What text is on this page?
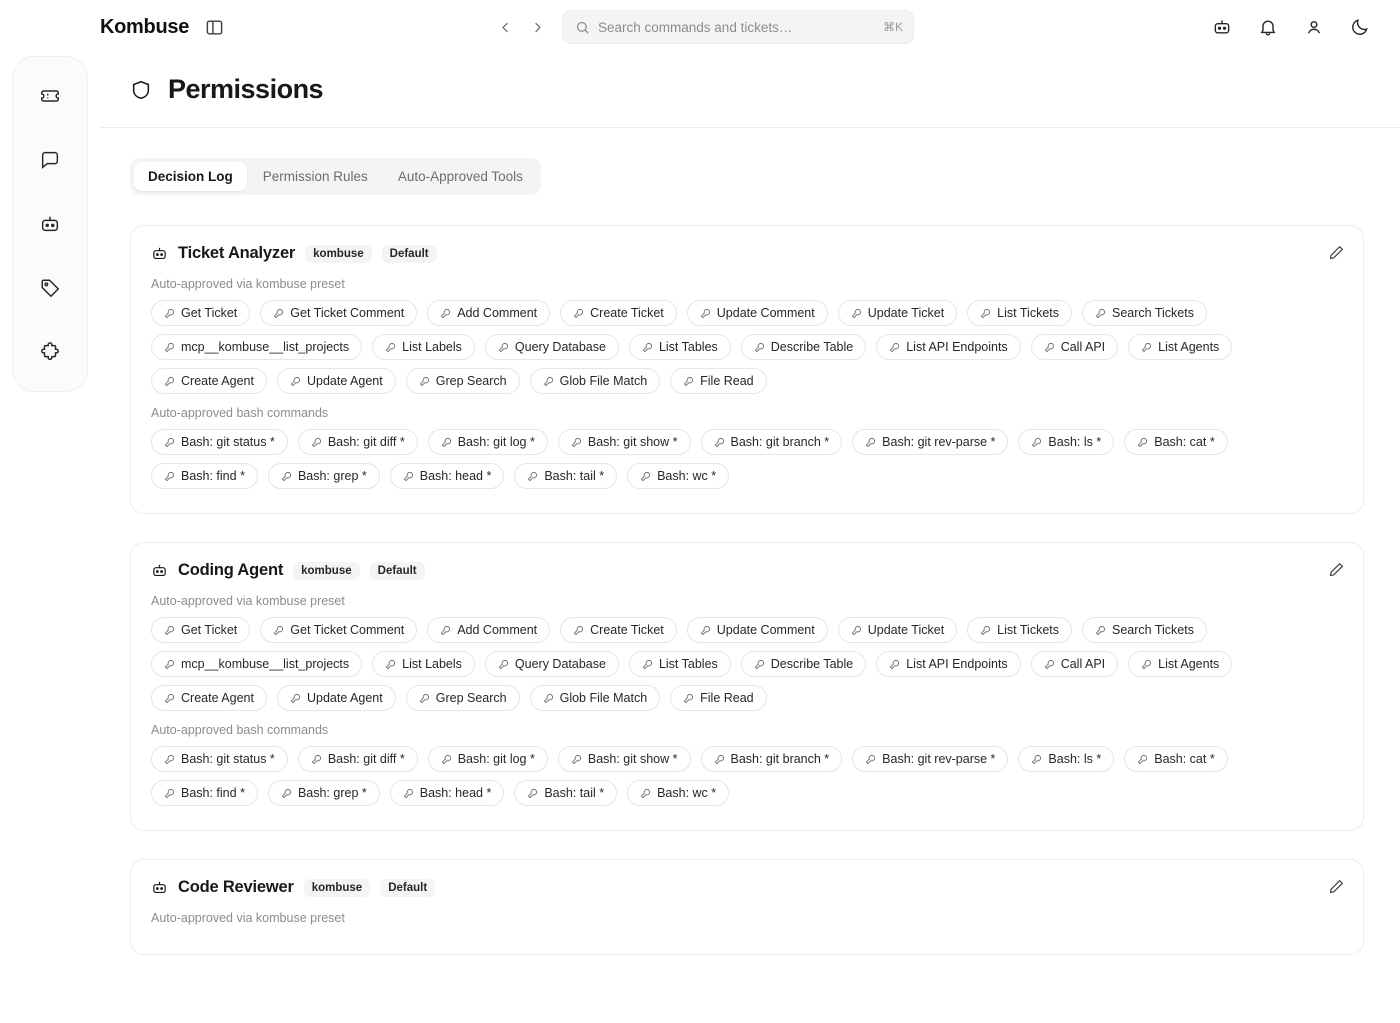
Kombuse	Search commands and tickets…	⌘K
Permissions
Decision Log	Permission Rules	Auto-Approved Tools
Ticket Analyzer	kombuse	Default
Auto-approved via kombuse preset
Get Ticket	Get Ticket Comment	Add Comment	Create Ticket	Update Comment	Update Ticket	List Tickets	Search Tickets
mcp__kombuse__list_projects	List Labels	Query Database	List Tables	Describe Table	List API Endpoints	Call API	List Agents
Create Agent	Update Agent	Grep Search	Glob File Match	File Read
Auto-approved bash commands
Bash: git status *	Bash: git diff *	Bash: git log *	Bash: git show *	Bash: git branch *	Bash: git rev-parse *	Bash: ls *	Bash: cat *
Bash: find *	Bash: grep *	Bash: head *	Bash: tail *	Bash: wc *
Coding Agent	kombuse	Default
Auto-approved via kombuse preset
Get Ticket	Get Ticket Comment	Add Comment	Create Ticket	Update Comment	Update Ticket	List Tickets	Search Tickets
mcp__kombuse__list_projects	List Labels	Query Database	List Tables	Describe Table	List API Endpoints	Call API	List Agents
Create Agent	Update Agent	Grep Search	Glob File Match	File Read
Auto-approved bash commands
Bash: git status *	Bash: git diff *	Bash: git log *	Bash: git show *	Bash: git branch *	Bash: git rev-parse *	Bash: ls *	Bash: cat *
Bash: find *	Bash: grep *	Bash: head *	Bash: tail *	Bash: wc *
Code Reviewer	kombuse	Default
Auto-approved via kombuse preset
